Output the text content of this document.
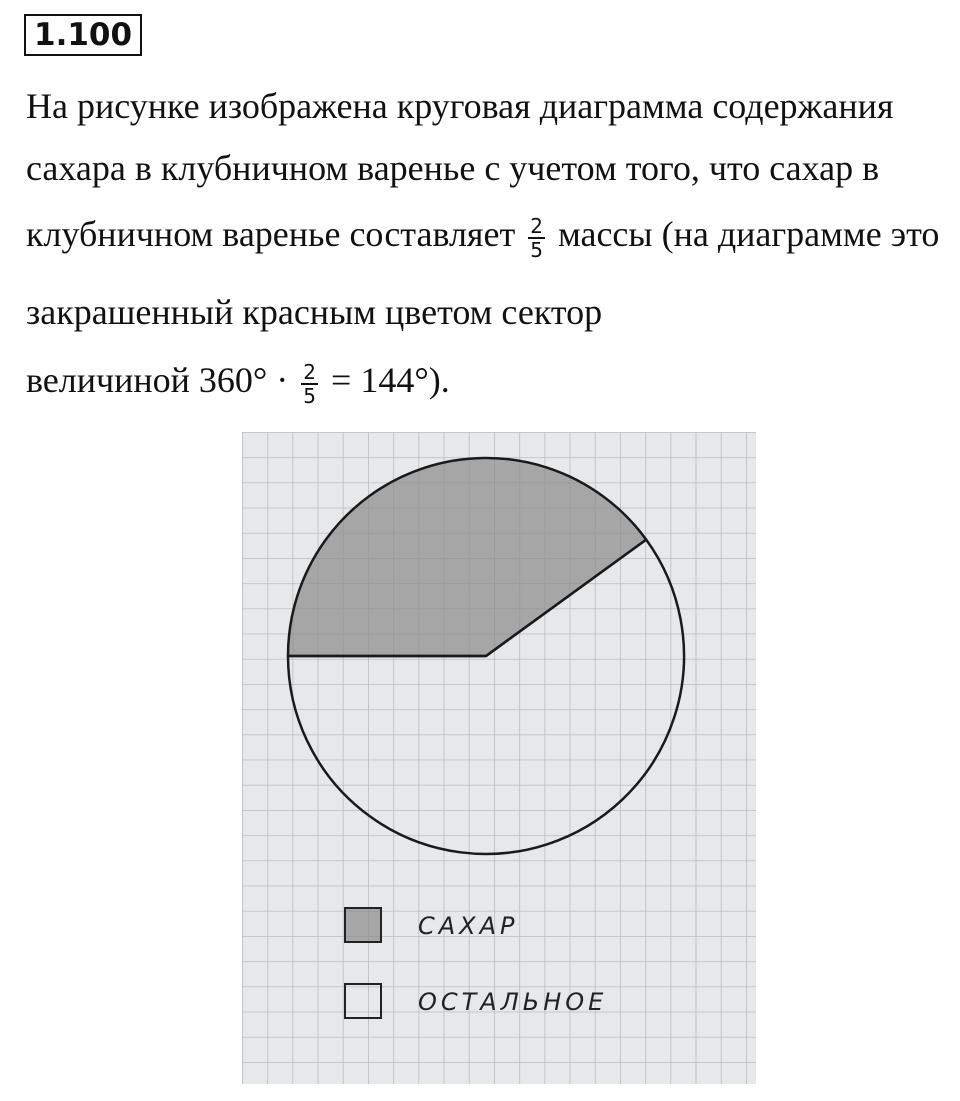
1.100
На рисунке изображена круговая диаграмма содержания
сахара в клубничном варенье с учетом того, что сахар в
клубничном варенье составляет $\frac{2}{5}$ массы (на диаграмме это
закрашенный красным цветом сектор
величиной $360^\circ \cdot \frac{2}{5} = 144^\circ$).
САХАР
ОСТАЛЬНОЕ
